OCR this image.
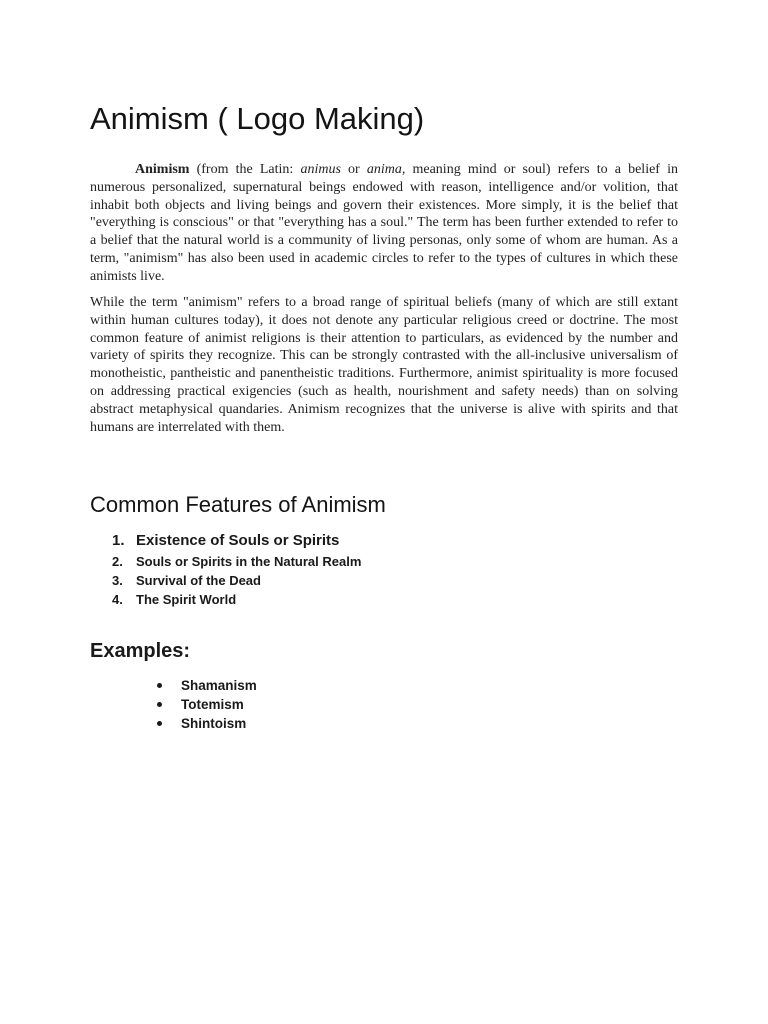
Animism ( Logo Making)

Animism (from the Latin: animus or anima, meaning mind or soul) refers to a belief in numerous personalized, supernatural beings endowed with reason, intelligence and/or volition, that inhabit both objects and living beings and govern their existences. More simply, it is the belief that "everything is conscious" or that "everything has a soul." The term has been further extended to refer to a belief that the natural world is a community of living personas, only some of whom are human. As a term, "animism" has also been used in academic circles to refer to the types of cultures in which these animists live.

While the term "animism" refers to a broad range of spiritual beliefs (many of which are still extant within human cultures today), it does not denote any particular religious creed or doctrine. The most common feature of animist religions is their attention to particulars, as evidenced by the number and variety of spirits they recognize. This can be strongly contrasted with the all-inclusive universalism of monotheistic, pantheistic and panentheistic traditions. Furthermore, animist spirituality is more focused on addressing practical exigencies (such as health, nourishment and safety needs) than on solving abstract metaphysical quandaries. Animism recognizes that the universe is alive with spirits and that humans are interrelated with them.

Common Features of Animism
1. Existence of Souls or Spirits
2.	Souls or Spirits in the Natural Realm
3.	Survival of the Dead
4.	The Spirit World
Examples:
Shamanism
Totemism
Shintoism
